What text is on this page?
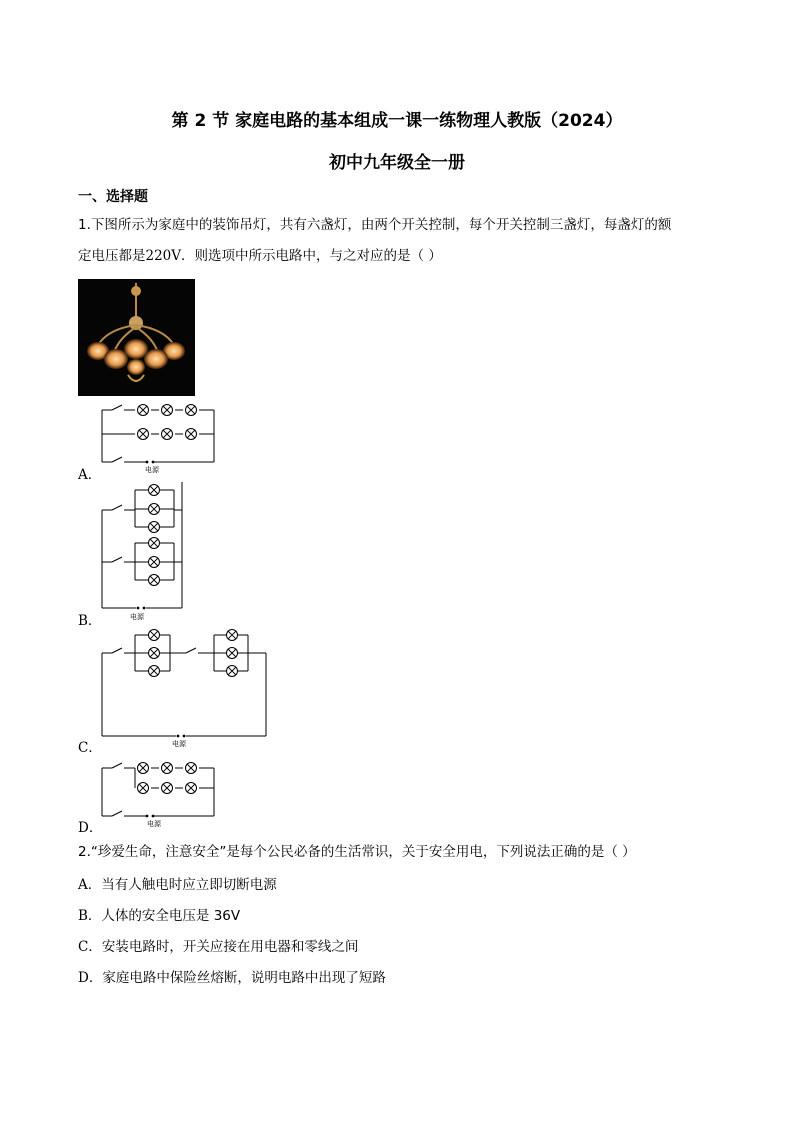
第 2 节 家庭电路的基本组成一课一练物理人教版（2024）
初中九年级全一册
一、选择题
1.下图所示为家庭中的装饰吊灯，共有六盏灯，由两个开关控制，每个开关控制三盏灯，每盏灯的额
定电压都是220V．则选项中所示电路中，与之对应的是（ ）
电源
A．
电源
B．
电源
C．
电源
D．
2.“珍爱生命，注意安全”是每个公民必备的生活常识，关于安全用电，下列说法正确的是（ ）
A．当有人触电时应立即切断电源
B．人体的安全电压是 36V
C．安装电路时，开关应接在用电器和零线之间
D．家庭电路中保险丝熔断，说明电路中出现了短路
